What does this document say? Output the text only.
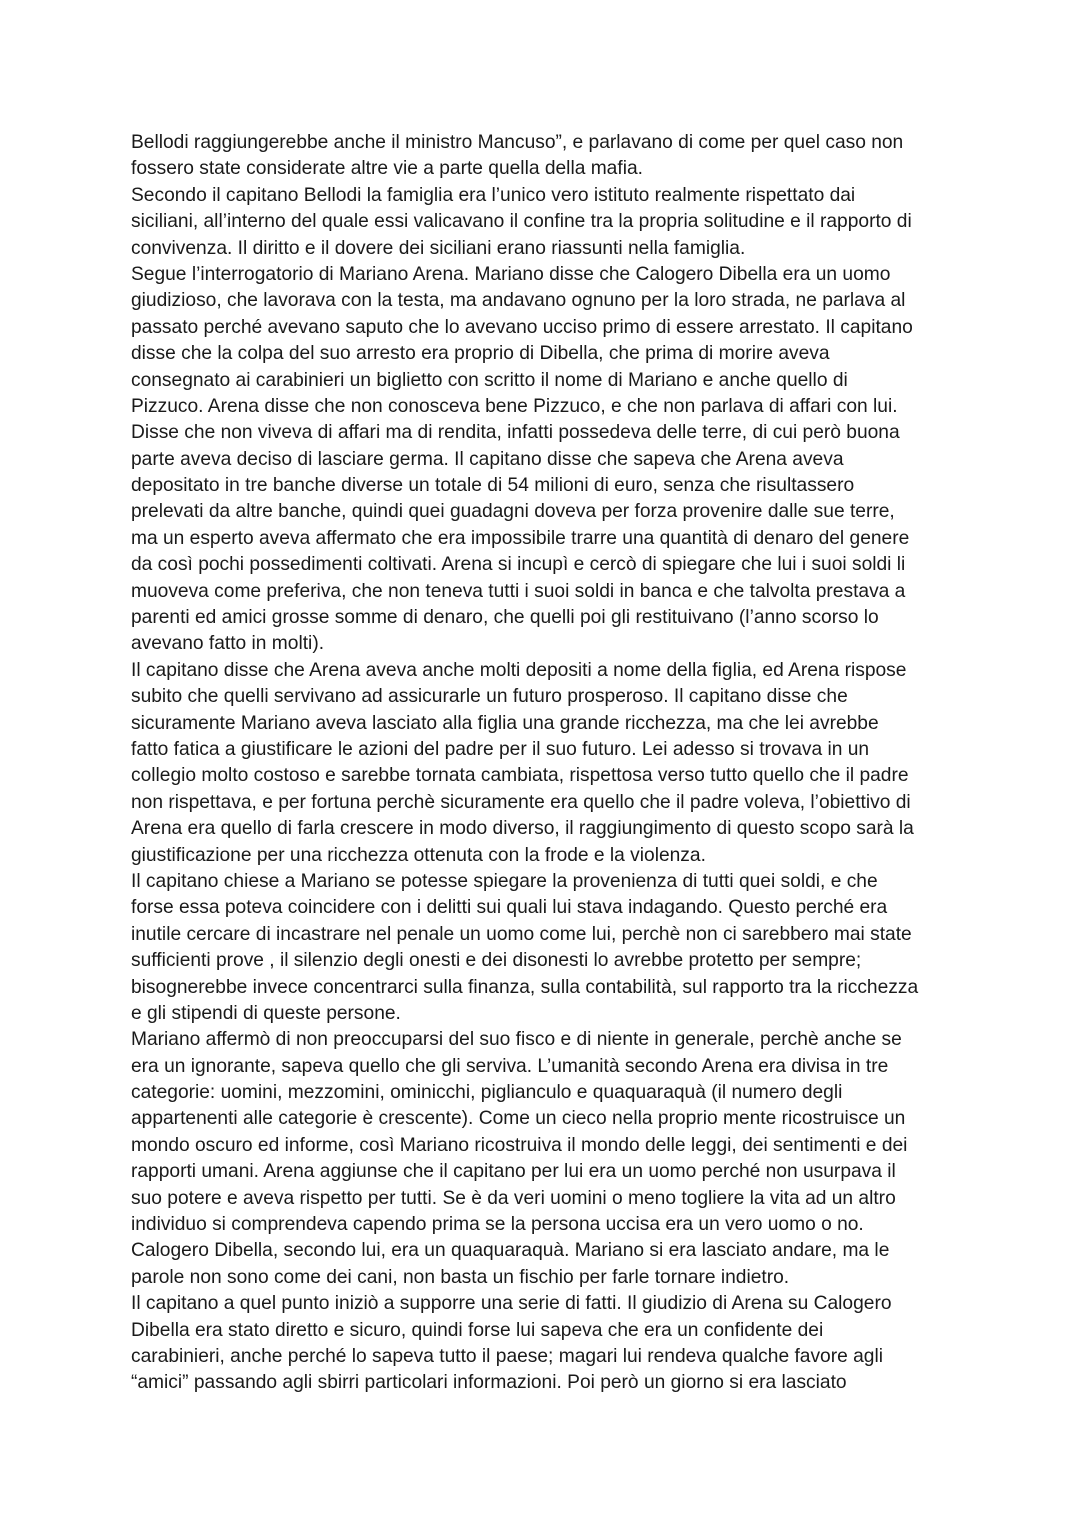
Bellodi raggiungerebbe anche il ministro Mancuso”, e parlavano di come per quel caso non
fossero state considerate altre vie a parte quella della mafia.
Secondo il capitano Bellodi la famiglia era l’unico vero istituto realmente rispettato dai
siciliani, all’interno del quale essi valicavano il confine tra la propria solitudine e il rapporto di
convivenza. Il diritto e il dovere dei siciliani erano riassunti nella famiglia.
Segue l’interrogatorio di Mariano Arena. Mariano disse che Calogero Dibella era un uomo
giudizioso, che lavorava con la testa, ma andavano ognuno per la loro strada, ne parlava al
passato perché avevano saputo che lo avevano ucciso primo di essere arrestato. Il capitano
disse che la colpa del suo arresto era proprio di Dibella, che prima di morire aveva
consegnato ai carabinieri un biglietto con scritto il nome di Mariano e anche quello di
Pizzuco. Arena disse che non conosceva bene Pizzuco, e che non parlava di affari con lui.
Disse che non viveva di affari ma di rendita, infatti possedeva delle terre, di cui però buona
parte aveva deciso di lasciare germa. Il capitano disse che sapeva che Arena aveva
depositato in tre banche diverse un totale di 54 milioni di euro, senza che risultassero
prelevati da altre banche, quindi quei guadagni doveva per forza provenire dalle sue terre,
ma un esperto aveva affermato che era impossibile trarre una quantità di denaro del genere
da così pochi possedimenti coltivati. Arena si incupì e cercò di spiegare che lui i suoi soldi li
muoveva come preferiva, che non teneva tutti i suoi soldi in banca e che talvolta prestava a
parenti ed amici grosse somme di denaro, che quelli poi gli restituivano (l’anno scorso lo
avevano fatto in molti).
Il capitano disse che Arena aveva anche molti depositi a nome della figlia, ed Arena rispose
subito che quelli servivano ad assicurarle un futuro prosperoso. Il capitano disse che
sicuramente Mariano aveva lasciato alla figlia una grande ricchezza, ma che lei avrebbe
fatto fatica a giustificare le azioni del padre per il suo futuro. Lei adesso si trovava in un
collegio molto costoso e sarebbe tornata cambiata, rispettosa verso tutto quello che il padre
non rispettava, e per fortuna perchè sicuramente era quello che il padre voleva, l’obiettivo di
Arena era quello di farla crescere in modo diverso, il raggiungimento di questo scopo sarà la
giustificazione per una ricchezza ottenuta con la frode e la violenza.
Il capitano chiese a Mariano se potesse spiegare la provenienza di tutti quei soldi, e che
forse essa poteva coincidere con i delitti sui quali lui stava indagando. Questo perché era
inutile cercare di incastrare nel penale un uomo come lui, perchè non ci sarebbero mai state
sufficienti prove , il silenzio degli onesti e dei disonesti lo avrebbe protetto per sempre;
bisognerebbe invece concentrarci sulla finanza, sulla contabilità, sul rapporto tra la ricchezza
e gli stipendi di queste persone.
Mariano affermò di non preoccuparsi del suo fisco e di niente in generale, perchè anche se
era un ignorante, sapeva quello che gli serviva. L’umanità secondo Arena era divisa in tre
categorie: uomini, mezzomini, ominicchi, piglianculo e quaquaraquà (il numero degli
appartenenti alle categorie è crescente). Come un cieco nella proprio mente ricostruisce un
mondo oscuro ed informe, così Mariano ricostruiva il mondo delle leggi, dei sentimenti e dei
rapporti umani. Arena aggiunse che il capitano per lui era un uomo perché non usurpava il
suo potere e aveva rispetto per tutti. Se è da veri uomini o meno togliere la vita ad un altro
individuo si comprendeva capendo prima se la persona uccisa era un vero uomo o no.
Calogero Dibella, secondo lui, era un quaquaraquà. Mariano si era lasciato andare, ma le
parole non sono come dei cani, non basta un fischio per farle tornare indietro.
Il capitano a quel punto iniziò a supporre una serie di fatti. Il giudizio di Arena su Calogero
Dibella era stato diretto e sicuro, quindi forse lui sapeva che era un confidente dei
carabinieri, anche perché lo sapeva tutto il paese; magari lui rendeva qualche favore agli
“amici” passando agli sbirri particolari informazioni. Poi però un giorno si era lasciato
